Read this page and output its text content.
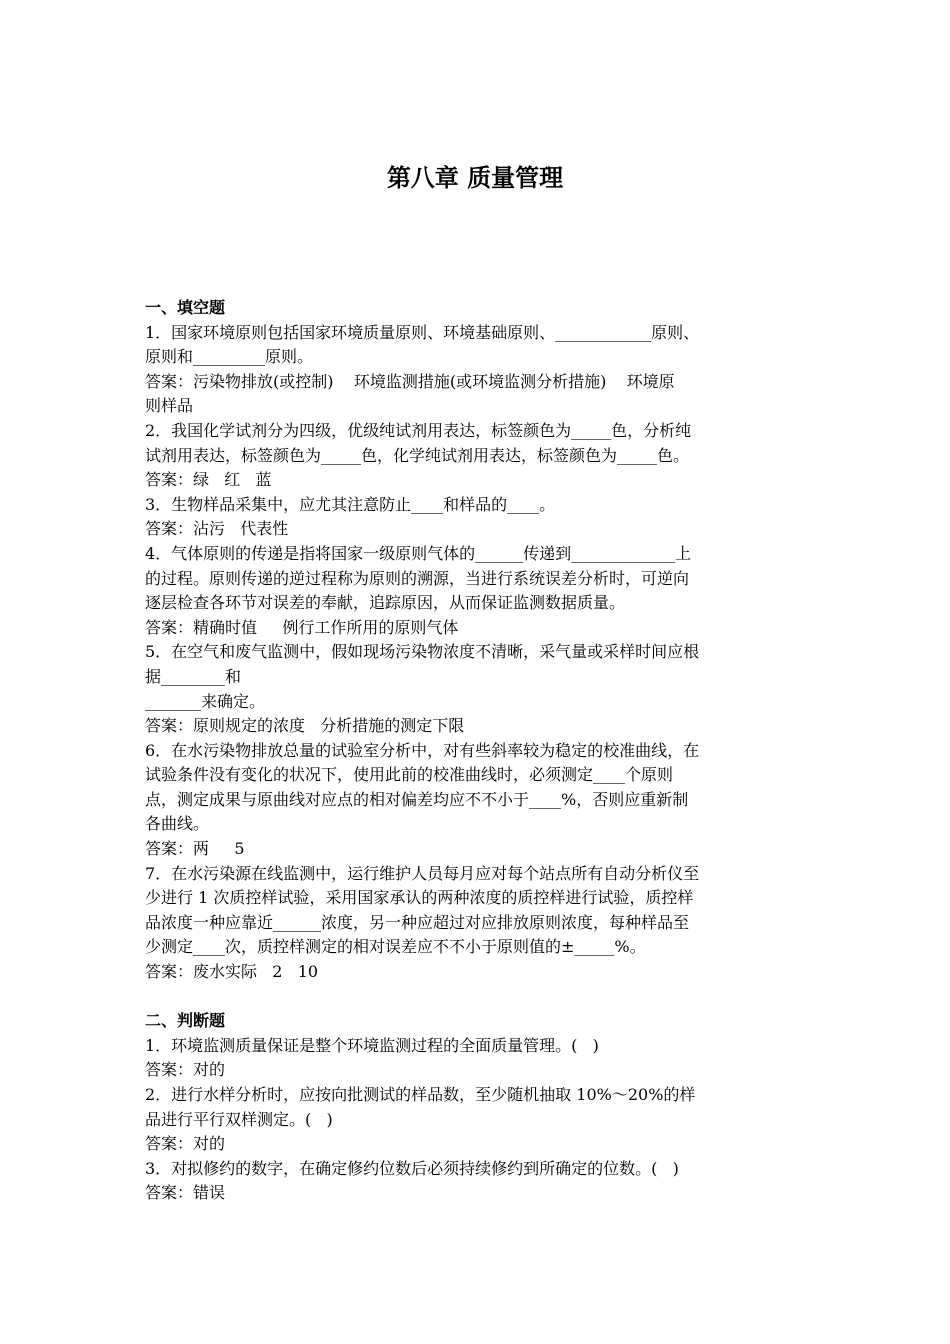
第八章 质量管理
一、填空题
1．国家环境原则包括国家环境质量原则、环境基础原则、____________原则、
原则和_________原则。
答案：污染物排放(或控制)    环境监测措施(或环境监测分析措施)    环境原
则样品
2．我国化学试剂分为四级，优级纯试剂用表达，标签颜色为_____色，分析纯
试剂用表达，标签颜色为_____色，化学纯试剂用表达，标签颜色为_____色。
答案：绿   红   蓝
3．生物样品采集中，应尤其注意防止____和样品的____。
答案：沾污   代表性
4．气体原则的传递是指将国家一级原则气体的______传递到_____________上
的过程。原则传递的逆过程称为原则的溯源，当进行系统误差分析时，可逆向
逐层检查各环节对误差的奉献，追踪原因，从而保证监测数据质量。
答案：精确时值     例行工作所用的原则气体
5．在空气和废气监测中，假如现场污染物浓度不清晰，采气量或采样时间应根
据________和
_______来确定。
答案：原则规定的浓度   分析措施的测定下限
6．在水污染物排放总量的试验室分析中，对有些斜率较为稳定的校准曲线，在
试验条件没有变化的状况下，使用此前的校准曲线时，必须测定____个原则
点，测定成果与原曲线对应点的相对偏差均应不不小于____%，否则应重新制
各曲线。
答案：两     5
7．在水污染源在线监测中，运行维护人员每月应对每个站点所有自动分析仪至
少进行 1 次质控样试验，采用国家承认的两种浓度的质控样进行试验，质控样
品浓度一种应靠近______浓度，另一种应超过对应排放原则浓度，每种样品至
少测定____次，质控样测定的相对误差应不不小于原则值的±_____%。
答案：废水实际   2   10
二、判断题
1．环境监测质量保证是整个环境监测过程的全面质量管理。(   )
答案：对的
2．进行水样分析时，应按向批测试的样品数，至少随机抽取 10%～20%的样
品进行平行双样测定。(   )
答案：对的
3．对拟修约的数字，在确定修约位数后必须持续修约到所确定的位数。(   )
答案：错误
